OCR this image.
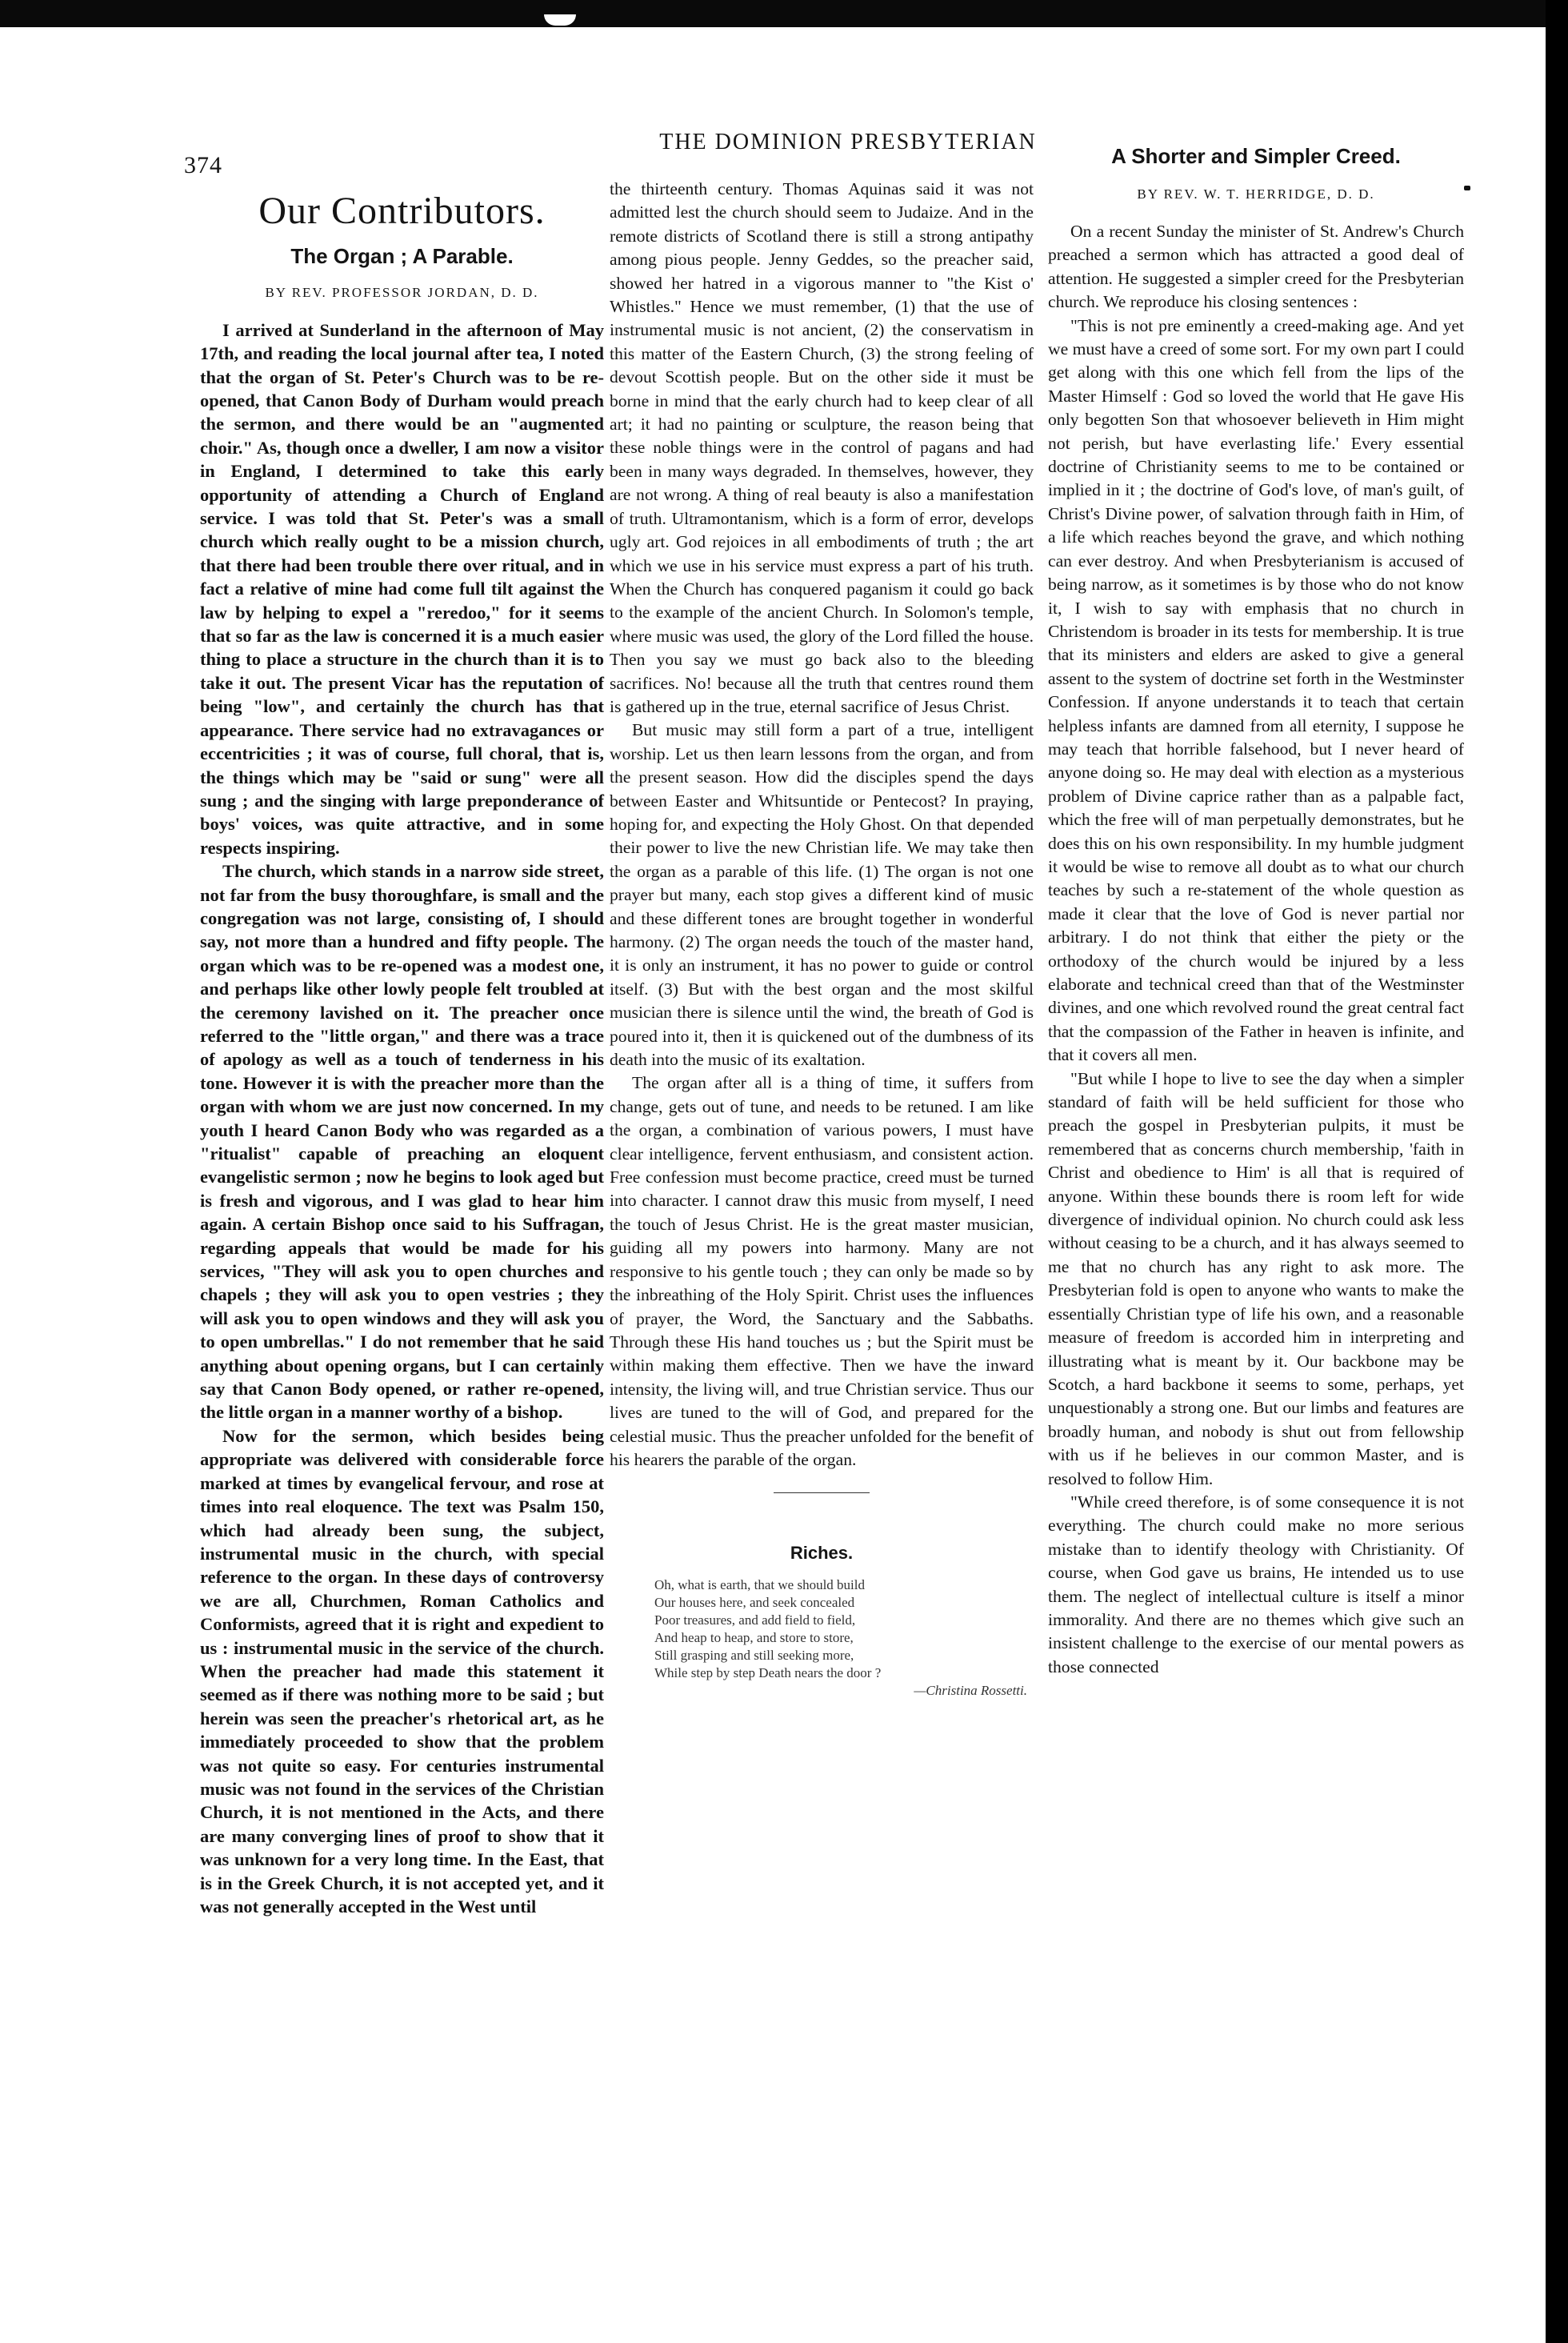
374
THE DOMINION PRESBYTERIAN
Our Contributors.
The Organ ; A Parable.
BY REV. PROFESSOR JORDAN, D. D.

I arrived at Sunderland in the afternoon of May 17th, and reading the local journal after tea, I noted that the organ of St. Peter's Church was to be re-opened, that Canon Body of Durham would preach the sermon, and there would be an "augmented choir." As, though once a dweller, I am now a visitor in England, I determined to take this early opportunity of attending a Church of England service. I was told that St. Peter's was a small church which really ought to be a mission church, that there had been trouble there over ritual, and in fact a relative of mine had come full tilt against the law by helping to expel a "reredoo," for it seems that so far as the law is concerned it is a much easier thing to place a structure in the church than it is to take it out. The present Vicar has the reputation of being "low", and certainly the church has that appearance. There service had no extravagances or eccentricities ; it was of course, full choral, that is, the things which may be "said or sung" were all sung ; and the singing with large preponderance of boys' voices, was quite attractive, and in some respects inspiring.

The church, which stands in a narrow side street, not far from the busy thoroughfare, is small and the congregation was not large, consisting of, I should say, not more than a hundred and fifty people. The organ which was to be re-opened was a modest one, and perhaps like other lowly people felt troubled at the ceremony lavished on it. The preacher once referred to the "little organ," and there was a trace of apology as well as a touch of tenderness in his tone. However it is with the preacher more than the organ with whom we are just now concerned. In my youth I heard Canon Body who was regarded as a "ritualist" capable of preaching an eloquent evangelistic sermon ; now he begins to look aged but is fresh and vigorous, and I was glad to hear him again. A certain Bishop once said to his Suffragan, regarding appeals that would be made for his services, "They will ask you to open churches and chapels ; they will ask you to open vestries ; they will ask you to open windows and they will ask you to open umbrellas." I do not remember that he said anything about opening organs, but I can certainly say that Canon Body opened, or rather re-opened, the little organ in a manner worthy of a bishop.

Now for the sermon, which besides being appropriate was delivered with considerable force marked at times by evangelical fervour, and rose at times into real eloquence. The text was Psalm 150, which had already been sung, the subject, instrumental music in the church, with special reference to the organ. In these days of controversy we are all, Churchmen, Roman Catholics and Conformists, agreed that it is right and expedient to us : instrumental music in the service of the church. When the preacher had made this statement it seemed as if there was nothing more to be said ; but herein was seen the preacher's rhetorical art, as he immediately proceeded to show that the problem was not quite so easy. For centuries instrumental music was not found in the services of the Christian Church, it is not mentioned in the Acts, and there are many converging lines of proof to show that it was unknown for a very long time. In the East, that is in the Greek Church, it is not accepted yet, and it was not generally accepted in the West until

the thirteenth century. Thomas Aquinas said it was not admitted lest the church should seem to Judaize. And in the remote districts of Scotland there is still a strong antipathy among pious people. Jenny Geddes, so the preacher said, showed her hatred in a vigorous manner to "the Kist o' Whistles." Hence we must remember, (1) that the use of instrumental music is not ancient, (2) the conservatism in this matter of the Eastern Church, (3) the strong feeling of devout Scottish people. But on the other side it must be borne in mind that the early church had to keep clear of all art; it had no painting or sculpture, the reason being that these noble things were in the control of pagans and had been in many ways degraded. In themselves, however, they are not wrong. A thing of real beauty is also a manifestation of truth. Ultramontanism, which is a form of error, develops ugly art. God rejoices in all embodiments of truth ; the art which we use in his service must express a part of his truth. When the Church has conquered paganism it could go back to the example of the ancient Church. In Solomon's temple, where music was used, the glory of the Lord filled the house. Then you say we must go back also to the bleeding sacrifices. No! because all the truth that centres round them is gathered up in the true, eternal sacrifice of Jesus Christ.

But music may still form a part of a true, intelligent worship. Let us then learn lessons from the organ, and from the present season. How did the disciples spend the days between Easter and Whitsuntide or Pentecost? In praying, hoping for, and expecting the Holy Ghost. On that depended their power to live the new Christian life. We may take then the organ as a parable of this life. (1) The organ is not one prayer but many, each stop gives a different kind of music and these different tones are brought together in wonderful harmony. (2) The organ needs the touch of the master hand, it is only an instrument, it has no power to guide or control itself. (3) But with the best organ and the most skilful musician there is silence until the wind, the breath of God is poured into it, then it is quickened out of the dumbness of its death into the music of its exaltation.

The organ after all is a thing of time, it suffers from change, gets out of tune, and needs to be retuned. I am like the organ, a combination of various powers, I must have clear intelligence, fervent enthusiasm, and consistent action. Free confession must become practice, creed must be turned into character. I cannot draw this music from myself, I need the touch of Jesus Christ. He is the great master musician, guiding all my powers into harmony. Many are not responsive to his gentle touch ; they can only be made so by the inbreathing of the Holy Spirit. Christ uses the influences of prayer, the Word, the Sanctuary and the Sabbaths. Through these His hand touches us ; but the Spirit must be within making them effective. Then we have the inward intensity, the living will, and true Christian service. Thus our lives are tuned to the will of God, and prepared for the celestial music. Thus the preacher unfolded for the benefit of his hearers the parable of the organ.

Riches.
Oh, what is earth, that we should build
Our houses here, and seek concealed
Poor treasures, and add field to field,
And heap to heap, and store to store,
Still grasping and still seeking more,
While step by step Death nears the door ?
—Christina Rossetti.
A Shorter and Simpler Creed.
BY REV. W. T. HERRIDGE, D. D.

On a recent Sunday the minister of St. Andrew's Church preached a sermon which has attracted a good deal of attention. He suggested a simpler creed for the Presbyterian church. We reproduce his closing sentences :

"This is not pre eminently a creed-making age. And yet we must have a creed of some sort. For my own part I could get along with this one which fell from the lips of the Master Himself : God so loved the world that He gave His only begotten Son that whosoever believeth in Him might not perish, but have everlasting life.' Every essential doctrine of Christianity seems to me to be contained or implied in it ; the doctrine of God's love, of man's guilt, of Christ's Divine power, of salvation through faith in Him, of a life which reaches beyond the grave, and which nothing can ever destroy. And when Presbyterianism is accused of being narrow, as it sometimes is by those who do not know it, I wish to say with emphasis that no church in Christendom is broader in its tests for membership. It is true that its ministers and elders are asked to give a general assent to the system of doctrine set forth in the Westminster Confession. If anyone understands it to teach that certain helpless infants are damned from all eternity, I suppose he may teach that horrible falsehood, but I never heard of anyone doing so. He may deal with election as a mysterious problem of Divine caprice rather than as a palpable fact, which the free will of man perpetually demonstrates, but he does this on his own responsibility. In my humble judgment it would be wise to remove all doubt as to what our church teaches by such a re-statement of the whole question as made it clear that the love of God is never partial nor arbitrary. I do not think that either the piety or the orthodoxy of the church would be injured by a less elaborate and technical creed than that of the Westminster divines, and one which revolved round the great central fact that the compassion of the Father in heaven is infinite, and that it covers all men.

"But while I hope to live to see the day when a simpler standard of faith will be held sufficient for those who preach the gospel in Presbyterian pulpits, it must be remembered that as concerns church membership, 'faith in Christ and obedience to Him' is all that is required of anyone. Within these bounds there is room left for wide divergence of individual opinion. No church could ask less without ceasing to be a church, and it has always seemed to me that no church has any right to ask more. The Presbyterian fold is open to anyone who wants to make the essentially Christian type of life his own, and a reasonable measure of freedom is accorded him in interpreting and illustrating what is meant by it. Our backbone may be Scotch, a hard backbone it seems to some, perhaps, yet unquestionably a strong one. But our limbs and features are broadly human, and nobody is shut out from fellowship with us if he believes in our common Master, and is resolved to follow Him.

"While creed therefore, is of some consequence it is not everything. The church could make no more serious mistake than to identify theology with Christianity. Of course, when God gave us brains, He intended us to use them. The neglect of intellectual culture is itself a minor immorality. And there are no themes which give such an insistent challenge to the exercise of our mental powers as those connected
